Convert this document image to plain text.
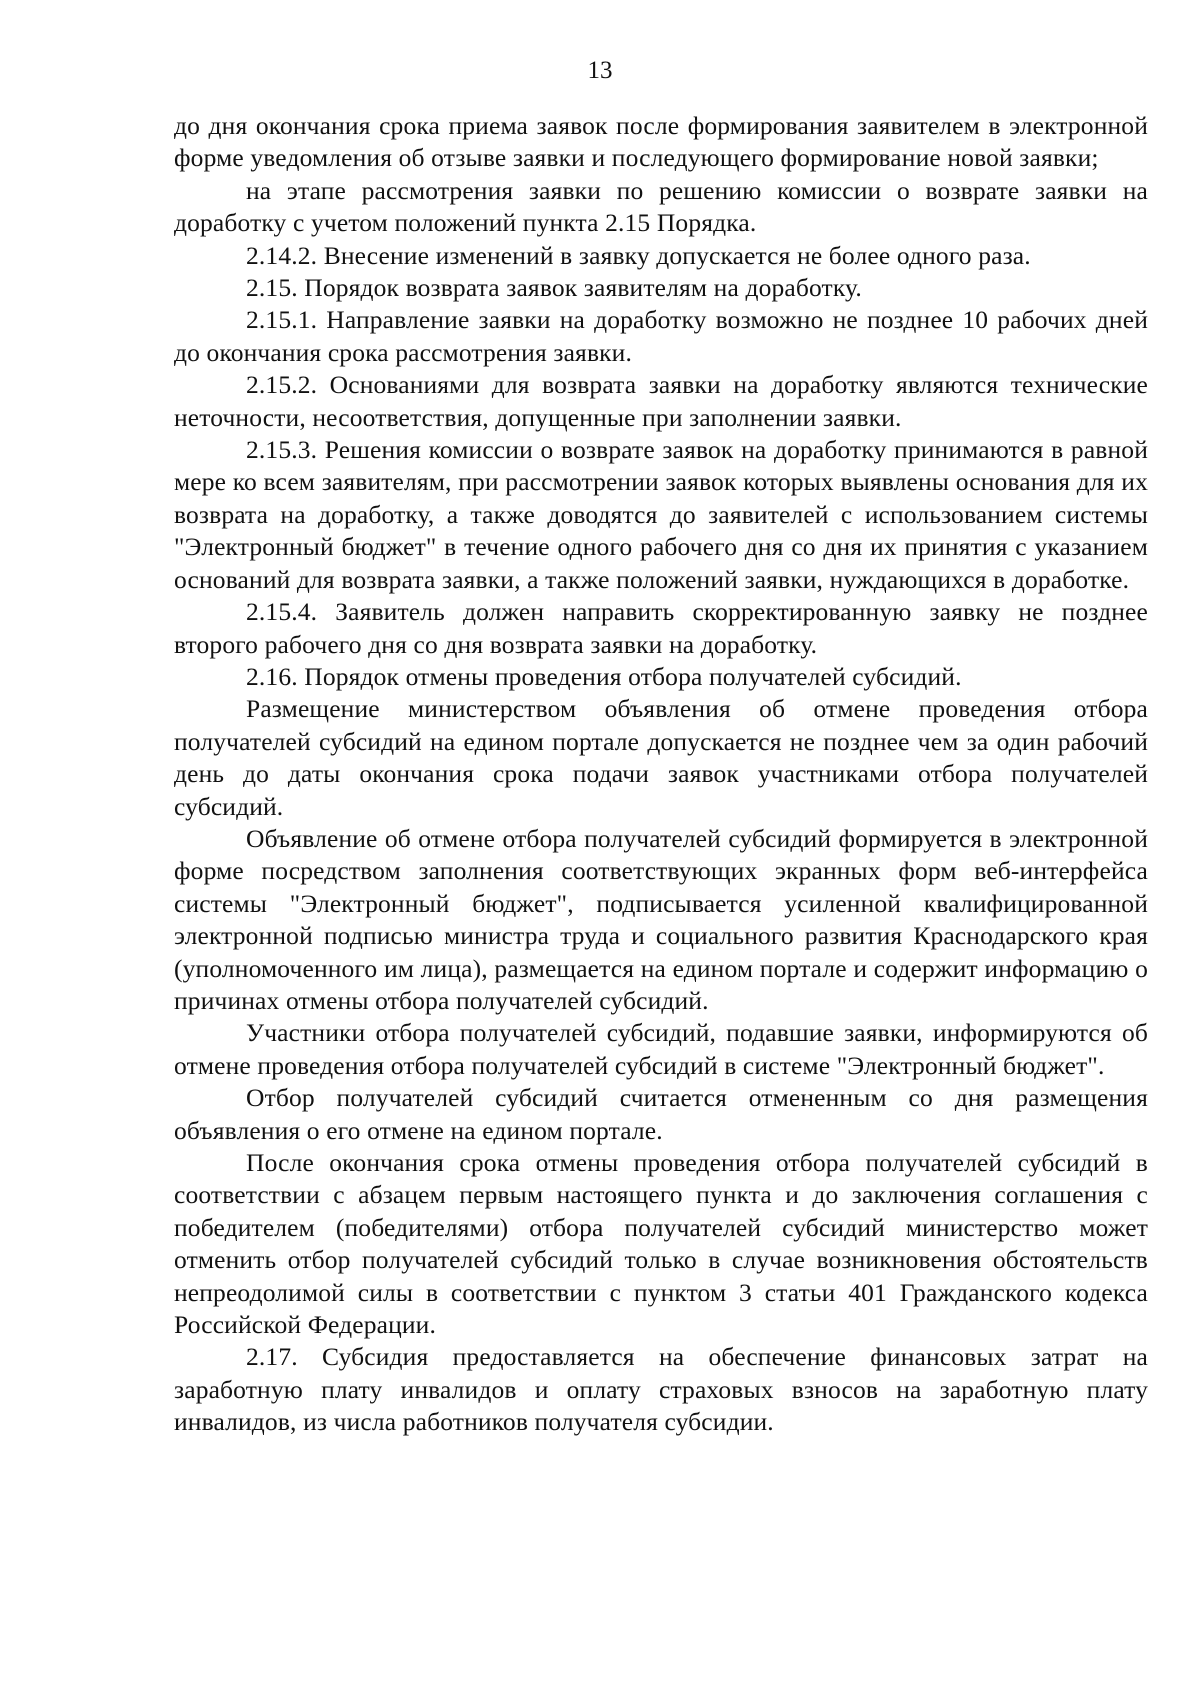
13

до дня окончания срока приема заявок после формирования заявителем в электронной форме уведомления об отзыве заявки и последующего формирование новой заявки;

на этапе рассмотрения заявки по решению комиссии о возврате заявки на доработку с учетом положений пункта 2.15 Порядка.

2.14.2. Внесение изменений в заявку допускается не более одного раза.

2.15. Порядок возврата заявок заявителям на доработку.

2.15.1. Направление заявки на доработку возможно не позднее 10 рабочих дней до окончания срока рассмотрения заявки.

2.15.2. Основаниями для возврата заявки на доработку являются технические неточности, несоответствия, допущенные при заполнении заявки.

2.15.3. Решения комиссии о возврате заявок на доработку принимаются в равной мере ко всем заявителям, при рассмотрении заявок которых выявлены основания для их возврата на доработку, а также доводятся до заявителей с использованием системы "Электронный бюджет" в течение одного рабочего дня со дня их принятия с указанием оснований для возврата заявки, а также положений заявки, нуждающихся в доработке.

2.15.4. Заявитель должен направить скорректированную заявку не позднее второго рабочего дня со дня возврата заявки на доработку.

2.16. Порядок отмены проведения отбора получателей субсидий.

Размещение министерством объявления об отмене проведения отбора получателей субсидий на едином портале допускается не позднее чем за один рабочий день до даты окончания срока подачи заявок участниками отбора получателей субсидий.

Объявление об отмене отбора получателей субсидий формируется в электронной форме посредством заполнения соответствующих экранных форм веб-интерфейса системы "Электронный бюджет", подписывается усиленной квалифицированной электронной подписью министра труда и социального развития Краснодарского края (уполномоченного им лица), размещается на едином портале и содержит информацию о причинах отмены отбора получателей субсидий.

Участники отбора получателей субсидий, подавшие заявки, информируются об отмене проведения отбора получателей субсидий в системе "Электронный бюджет".

Отбор получателей субсидий считается отмененным со дня размещения объявления о его отмене на едином портале.

После окончания срока отмены проведения отбора получателей субсидий в соответствии с абзацем первым настоящего пункта и до заключения соглашения с победителем (победителями) отбора получателей субсидий министерство может отменить отбор получателей субсидий только в случае возникновения обстоятельств непреодолимой силы в соответствии с пунктом 3 статьи 401 Гражданского кодекса Российской Федерации.

2.17. Субсидия предоставляется на обеспечение финансовых затрат на заработную плату инвалидов и оплату страховых взносов на заработную плату инвалидов, из числа работников получателя субсидии.
